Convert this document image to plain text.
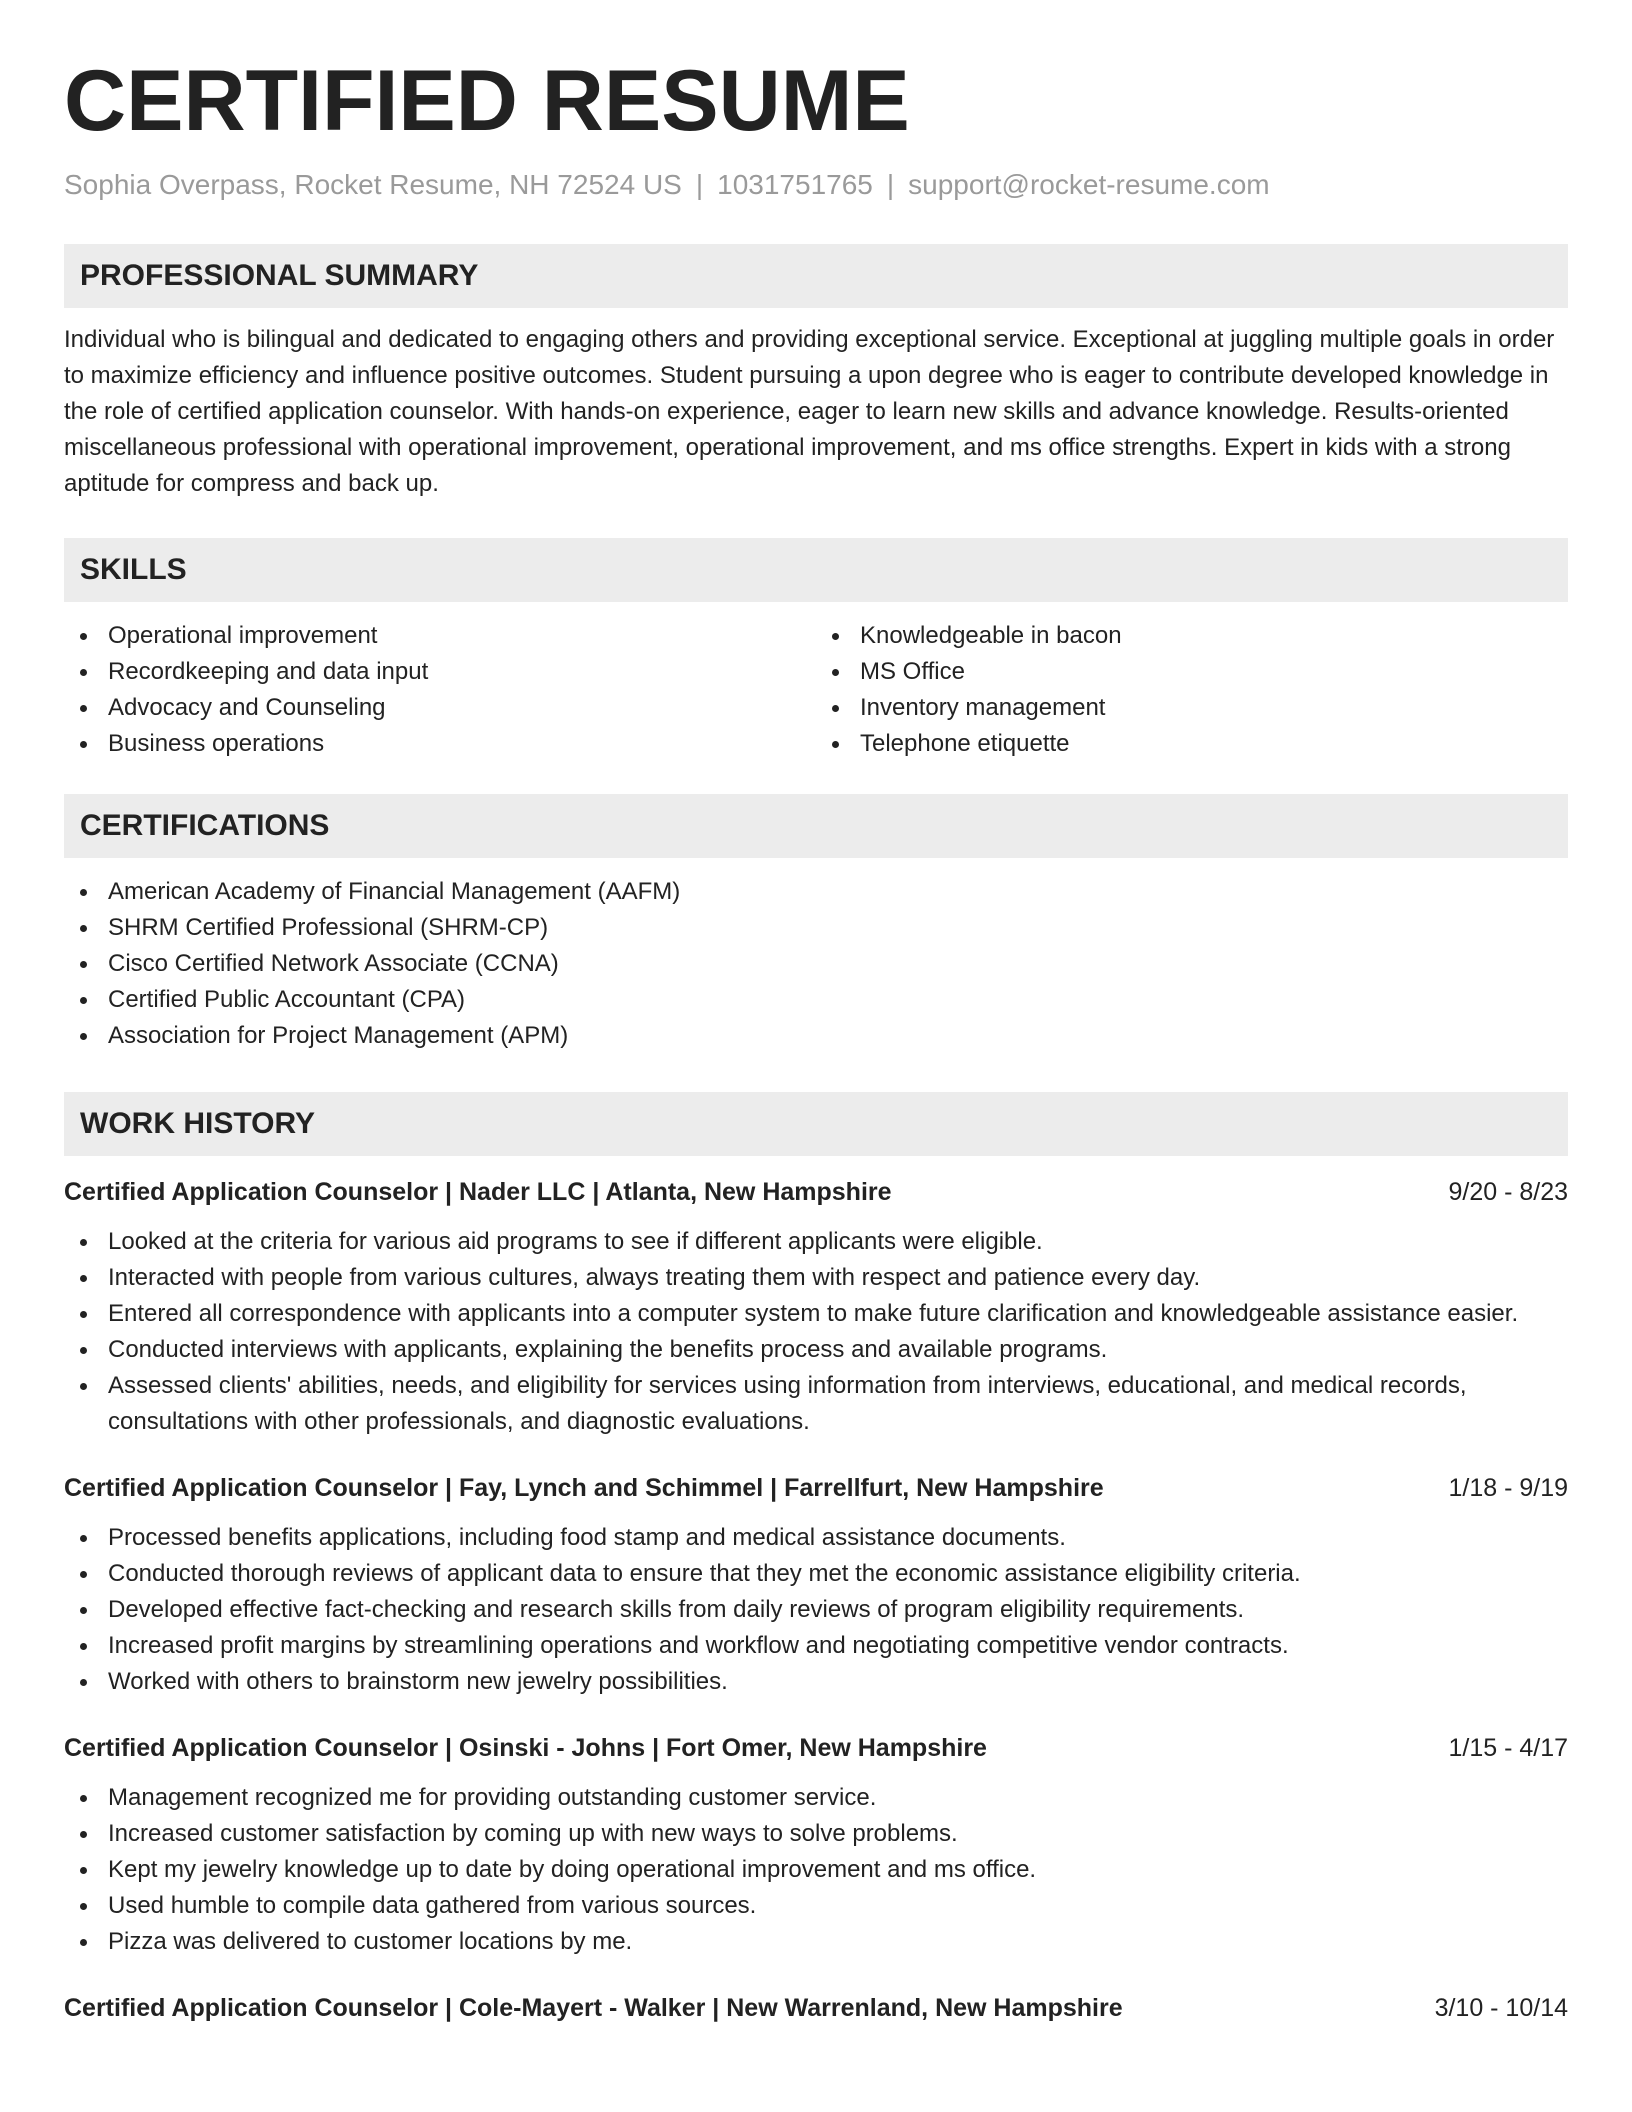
CERTIFIED RESUME
Sophia Overpass, Rocket Resume, NH 72524 US | 1031751765 | support@rocket-resume.com
PROFESSIONAL SUMMARY
Individual who is bilingual and dedicated to engaging others and providing exceptional service. Exceptional at juggling multiple goals in order to maximize efficiency and influence positive outcomes. Student pursuing a upon degree who is eager to contribute developed knowledge in the role of certified application counselor. With hands-on experience, eager to learn new skills and advance knowledge. Results-oriented miscellaneous professional with operational improvement, operational improvement, and ms office strengths. Expert in kids with a strong aptitude for compress and back up.
SKILLS
Operational improvement
Recordkeeping and data input
Advocacy and Counseling
Business operations
Knowledgeable in bacon
MS Office
Inventory management
Telephone etiquette
CERTIFICATIONS
American Academy of Financial Management (AAFM)
SHRM Certified Professional (SHRM-CP)
Cisco Certified Network Associate (CCNA)
Certified Public Accountant (CPA)
Association for Project Management (APM)
WORK HISTORY
Certified Application Counselor | Nader LLC | Atlanta, New Hampshire	9/20 - 8/23
Looked at the criteria for various aid programs to see if different applicants were eligible.
Interacted with people from various cultures, always treating them with respect and patience every day.
Entered all correspondence with applicants into a computer system to make future clarification and knowledgeable assistance easier.
Conducted interviews with applicants, explaining the benefits process and available programs.
Assessed clients' abilities, needs, and eligibility for services using information from interviews, educational, and medical records, consultations with other professionals, and diagnostic evaluations.
Certified Application Counselor | Fay, Lynch and Schimmel | Farrellfurt, New Hampshire	1/18 - 9/19
Processed benefits applications, including food stamp and medical assistance documents.
Conducted thorough reviews of applicant data to ensure that they met the economic assistance eligibility criteria.
Developed effective fact-checking and research skills from daily reviews of program eligibility requirements.
Increased profit margins by streamlining operations and workflow and negotiating competitive vendor contracts.
Worked with others to brainstorm new jewelry possibilities.
Certified Application Counselor | Osinski - Johns | Fort Omer, New Hampshire	1/15 - 4/17
Management recognized me for providing outstanding customer service.
Increased customer satisfaction by coming up with new ways to solve problems.
Kept my jewelry knowledge up to date by doing operational improvement and ms office.
Used humble to compile data gathered from various sources.
Pizza was delivered to customer locations by me.
Certified Application Counselor | Cole-Mayert - Walker | New Warrenland, New Hampshire	3/10 - 10/14
